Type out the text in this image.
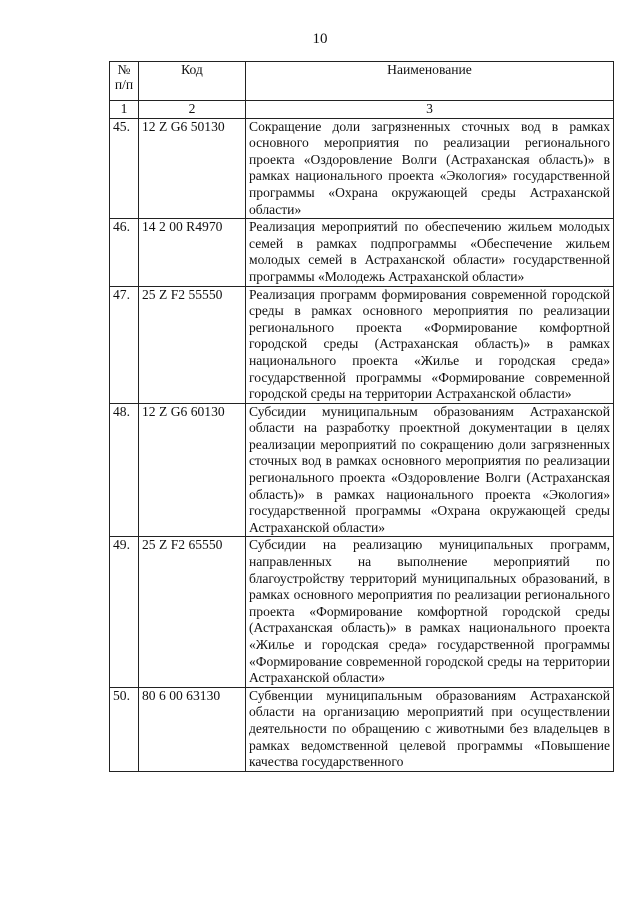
10
№ п/п	Код	Наименование
1	2	3
45.	12 Z G6 50130	Сокращение доли загрязненных сточных вод в рамках основного мероприятия по реализации регионального проекта «Оздоровление Волги (Астраханская область)» в рамках национального проекта «Экология» государственной программы «Охрана окружающей среды Астраханской области»
46.	14 2 00 R4970	Реализация мероприятий по обеспечению жильем молодых семей в рамках подпрограммы «Обеспечение жильем молодых семей в Астраханской области» государственной программы «Молодежь Астраханской области»
47.	25 Z F2 55550	Реализация программ формирования современной городской среды в рамках основного мероприятия по реализации регионального проекта «Формирование комфортной городской среды (Астраханская область)» в рамках национального проекта «Жилье и городская среда» государственной программы «Формирование современной городской среды на территории Астраханской области»
48.	12 Z G6 60130	Субсидии муниципальным образованиям Астраханской области на разработку проектной документации в целях реализации мероприятий по сокращению доли загрязненных сточных вод в рамках основного мероприятия по реализации регионального проекта «Оздоровление Волги (Астраханская область)» в рамках национального проекта «Экология» государственной программы «Охрана окружающей среды Астраханской области»
49.	25 Z F2 65550	Субсидии на реализацию муниципальных программ, направленных на выполнение мероприятий по благоустройству территорий муниципальных образований, в рамках основного мероприятия по реализации регионального проекта «Формирование комфортной городской среды (Астраханская область)» в рамках национального проекта «Жилье и городская среда» государственной программы «Формирование современной городской среды на территории Астраханской области»
50.	80 6 00 63130	Субвенции муниципальным образованиям Астраханской области на организацию мероприятий при осуществлении деятельности по обращению с животными без владельцев в рамках ведомственной целевой программы «Повышение качества государственного
